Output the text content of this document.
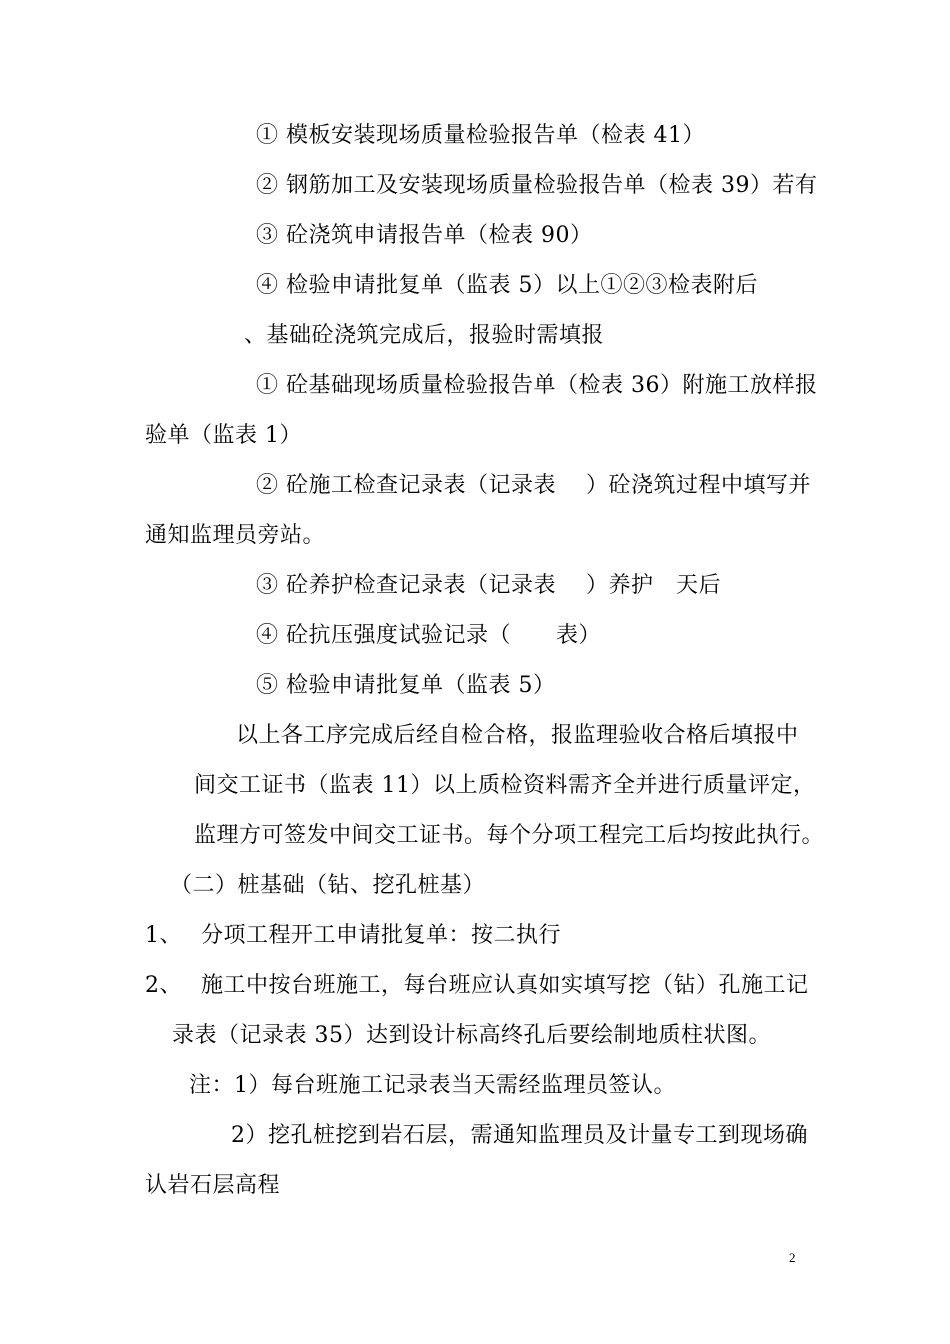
① 模板安装现场质量检验报告单（检表 41）
② 钢筋加工及安装现场质量检验报告单（检表 39）若有
③ 砼浇筑申请报告单（检表 90）
④ 检验申请批复单（监表 5）以上①②③检表附后
、基础砼浇筑完成后，报验时需填报
① 砼基础现场质量检验报告单（检表 36）附施工放样报
验单（监表 1）
② 砼施工检查记录表（记录表　 ）砼浇筑过程中填写并
通知监理员旁站。
③ 砼养护检查记录表（记录表　 ）养护　天后
④ 砼抗压强度试验记录（　　表）
⑤ 检验申请批复单（监表 5）
以上各工序完成后经自检合格，报监理验收合格后填报中
间交工证书（监表 11）以上质检资料需齐全并进行质量评定，
监理方可签发中间交工证书。每个分项工程完工后均按此执行。
（二）桩基础（钻、挖孔桩基）
1、　 分项工程开工申请批复单：按二执行
2、　 施工中按台班施工，每台班应认真如实填写挖（钻）孔施工记
录表（记录表 35）达到设计标高终孔后要绘制地质柱状图。
注：1）每台班施工记录表当天需经监理员签认。
2）挖孔桩挖到岩石层，需通知监理员及计量专工到现场确
认岩石层高程
2
